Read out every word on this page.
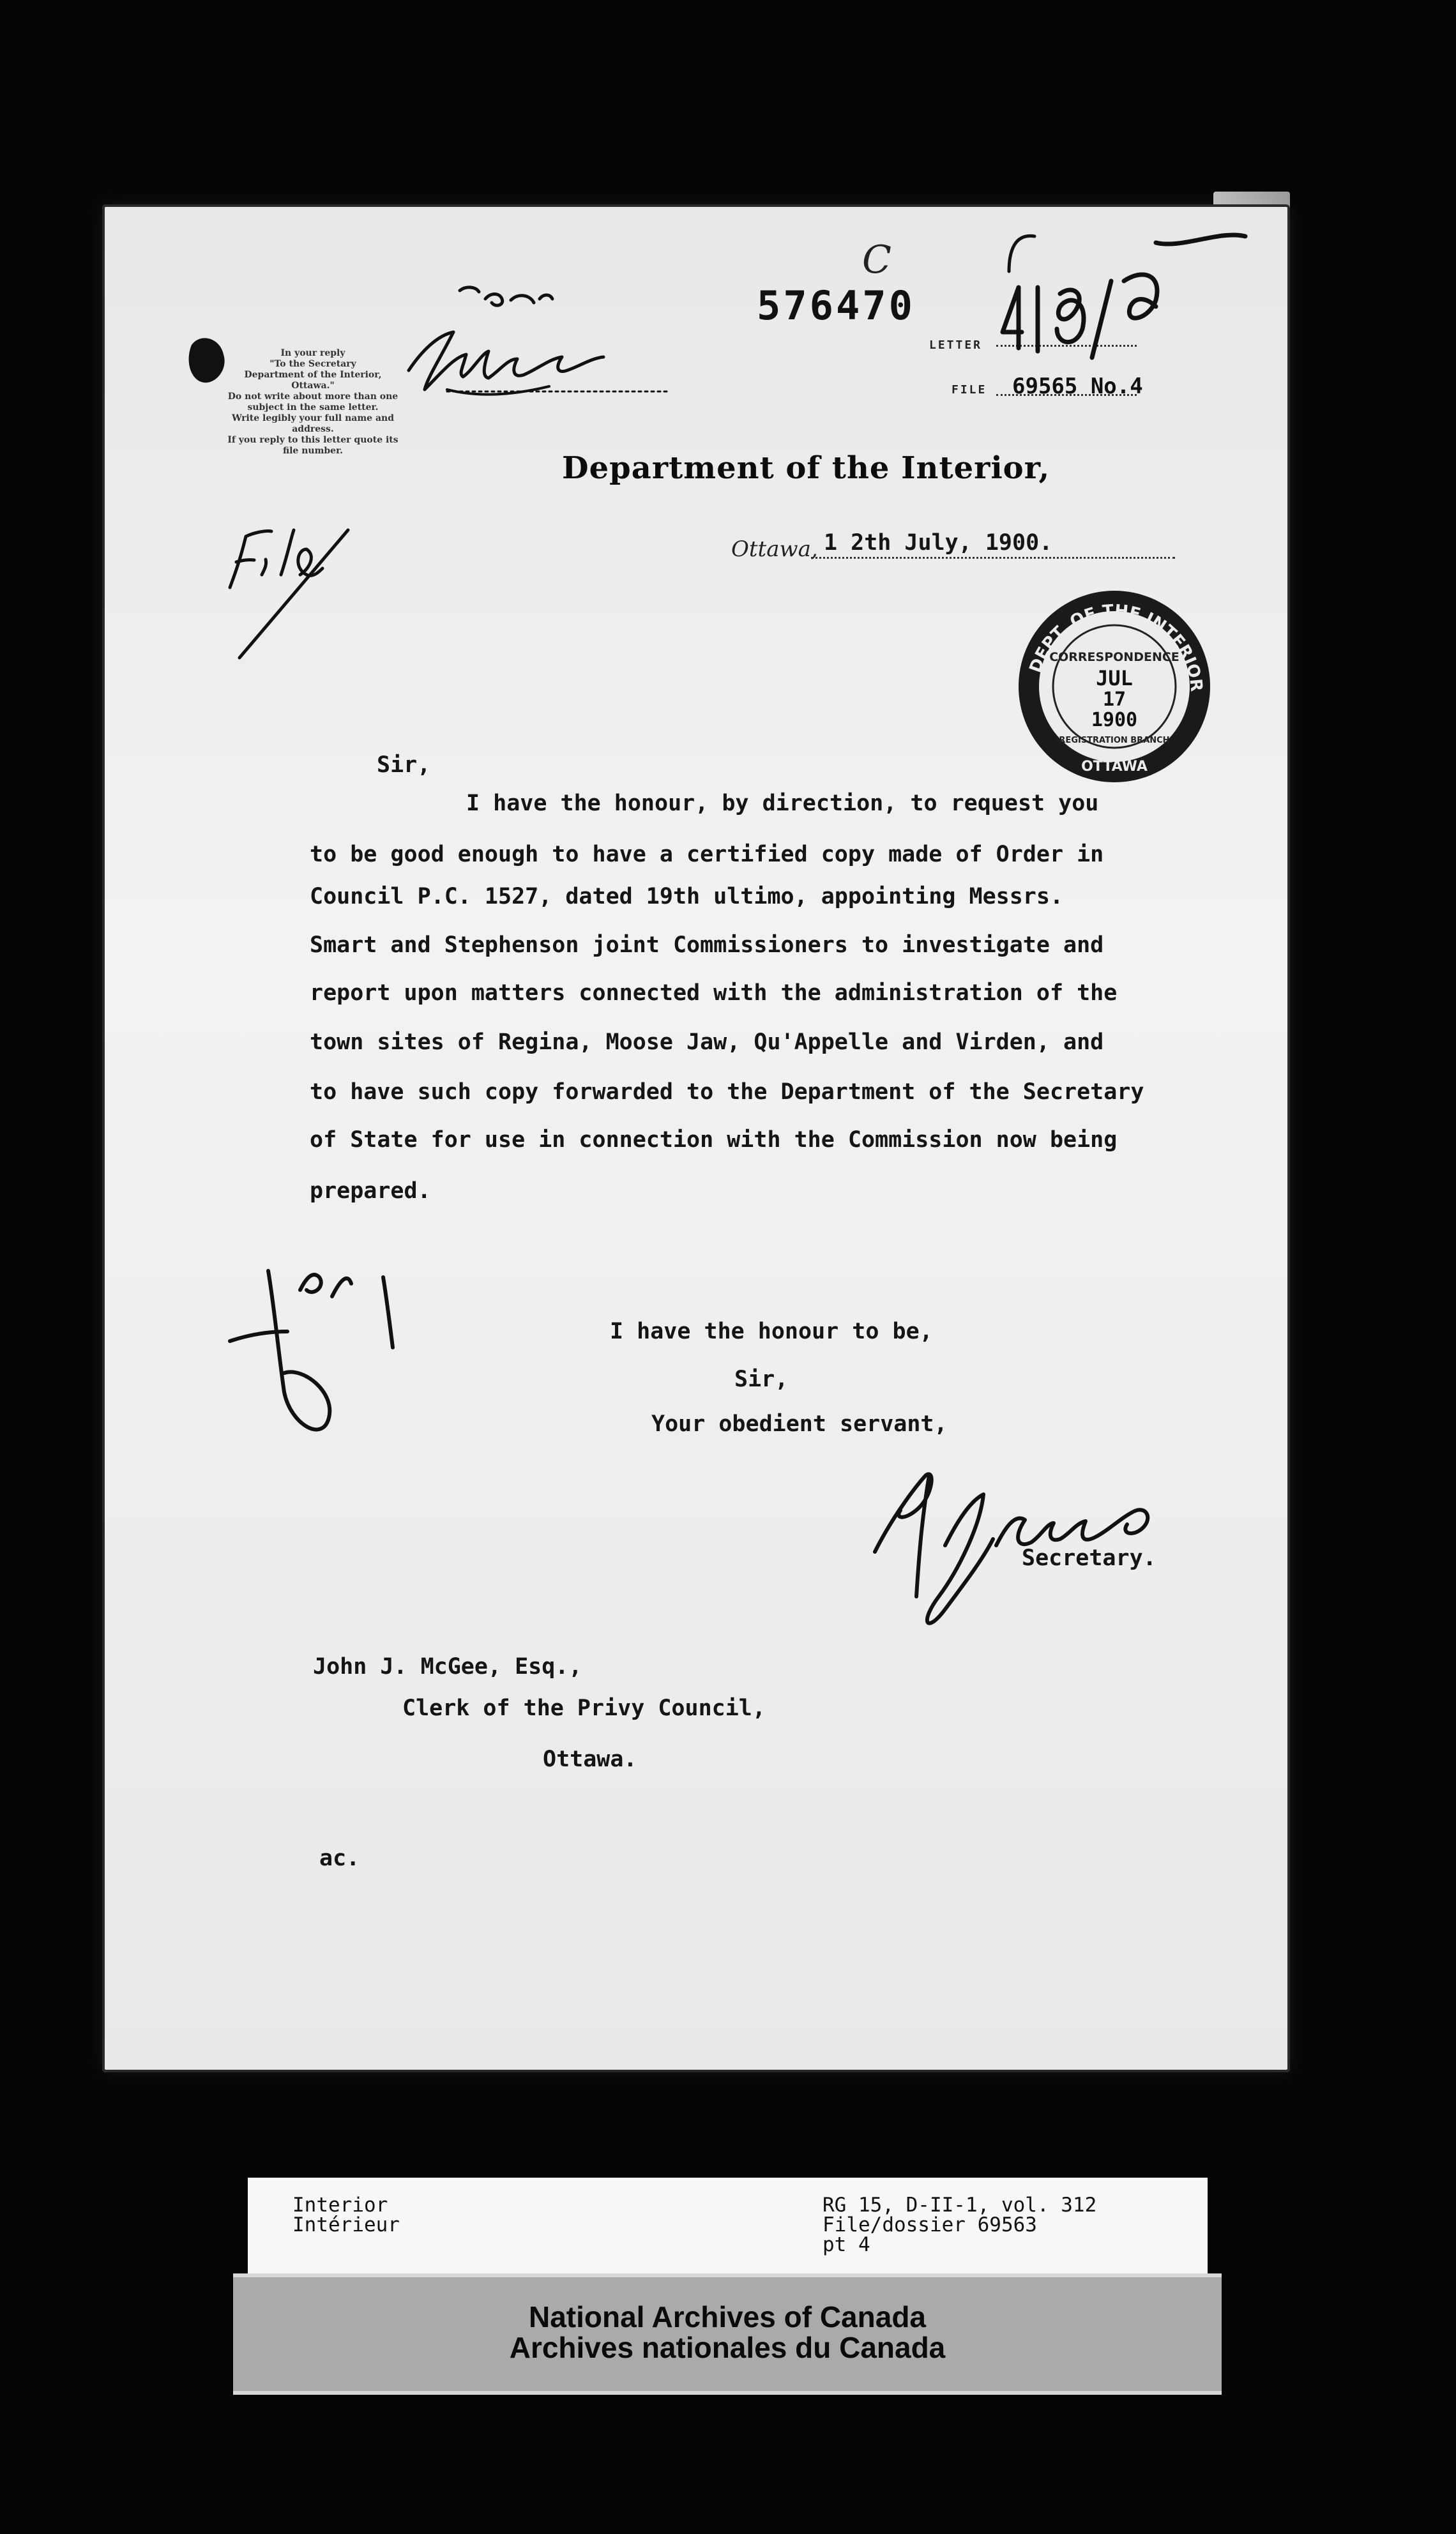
In your reply
"To the Secretary
Department of the Interior,
Ottawa."
Do not write about more than one
subject in the same letter.
Write legibly your full name and
address.
If you reply to this letter quote its
file number.
576470
C
LETTER
FILE 69565 No.4
Department of the Interior,
Ottawa, 1 2th July, 1900.
DEPT. OF THE INTERIOR
CORRESPONDENCE
JUL
17
1900
REGISTRATION BRANCH
OTTAWA
Sir,
I have the honour, by direction, to request you
to be good enough to have a certified copy made of Order in
Council P.C. 1527, dated 19th ultimo, appointing Messrs.
Smart and Stephenson joint Commissioners to investigate and
report upon matters connected with the administration of the
town sites of Regina, Moose Jaw, Qu'Appelle and Virden, and
to have such copy forwarded to the Department of the Secretary
of State for use in connection with the Commission now being
prepared.
I have the honour to be,
Sir,
Your obedient servant,
Secretary.
John J. McGee, Esq.,
Clerk of the Privy Council,
Ottawa.
ac.
Interior
Intérieur
RG 15, D-II-1, vol. 312
File/dossier 69563
pt 4
National Archives of Canada
Archives nationales du Canada
